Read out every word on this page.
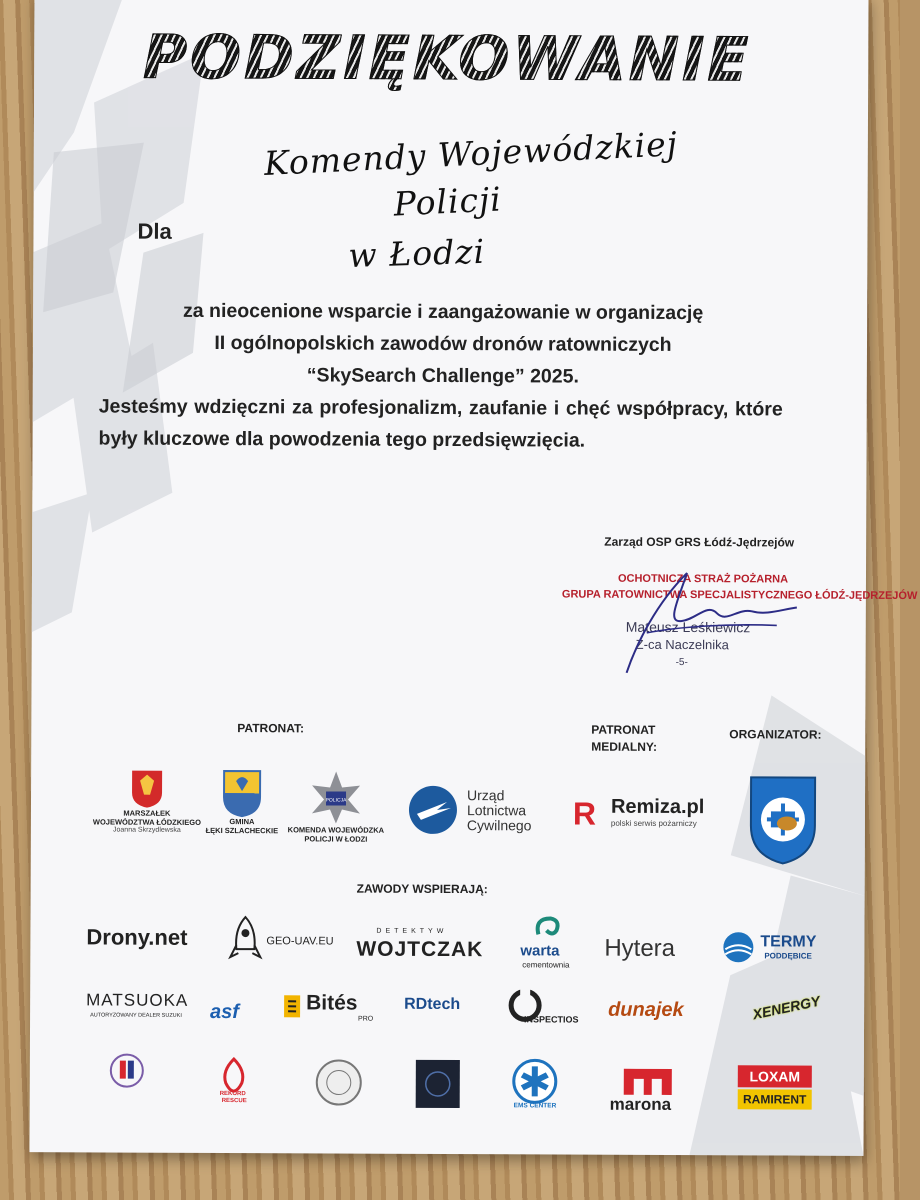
PODZIĘKOWANIE
Dla
Komendy Wojewódzkiej
Policji
w Łodzi
za nieocenione wsparcie i zaangażowanie w organizację
II ogólnopolskich zawodów dronów ratowniczych
“SkySearch Challenge” 2025.
Jesteśmy wdzięczni za profesjonalizm, zaufanie i chęć współpracy, które były kluczowe dla powodzenia tego przedsięwzięcia.
Zarząd OSP GRS Łódź-Jędrzejów
OCHOTNICZA STRAŻ POŻARNA
GRUPA RATOWNICTWA SPECJALISTYCZNEGO ŁÓDŹ-JĘDRZEJÓW
Mateusz Leśkiewicz
Z-ca Naczelnika
-5-
PATRONAT:	PATRONAT
MEDIALNY:
ORGANIZATOR:
MARSZAŁEK
WOJEWÓDZTWA ŁÓDZKIEGO
Joanna Skrzydlewska
GMINA
ŁĘKI SZLACHECKIE
POLICJA
KOMENDA WOJEWÓDZKA
POLICJI W ŁODZI
Urząd
Lotnictwa
Cywilnego R Remiza.pl
polski serwis pożarniczy
ZAWODY WSPIERAJĄ:
Drony.net	GEO-UAV.EU
DETEKTYW
WOJTCZAK warta
cementownia
Hytera	TERMY
PODDĘBICE
MATSUOKA
AUTORYZOWANY DEALER SUZUKI asf	Bités
PRO
RDtech
INSPECTIOS dunajek	XENERGY
REKORD
RESCUE
EMS CENTER	marona
LOXAM
RAMIRENT
